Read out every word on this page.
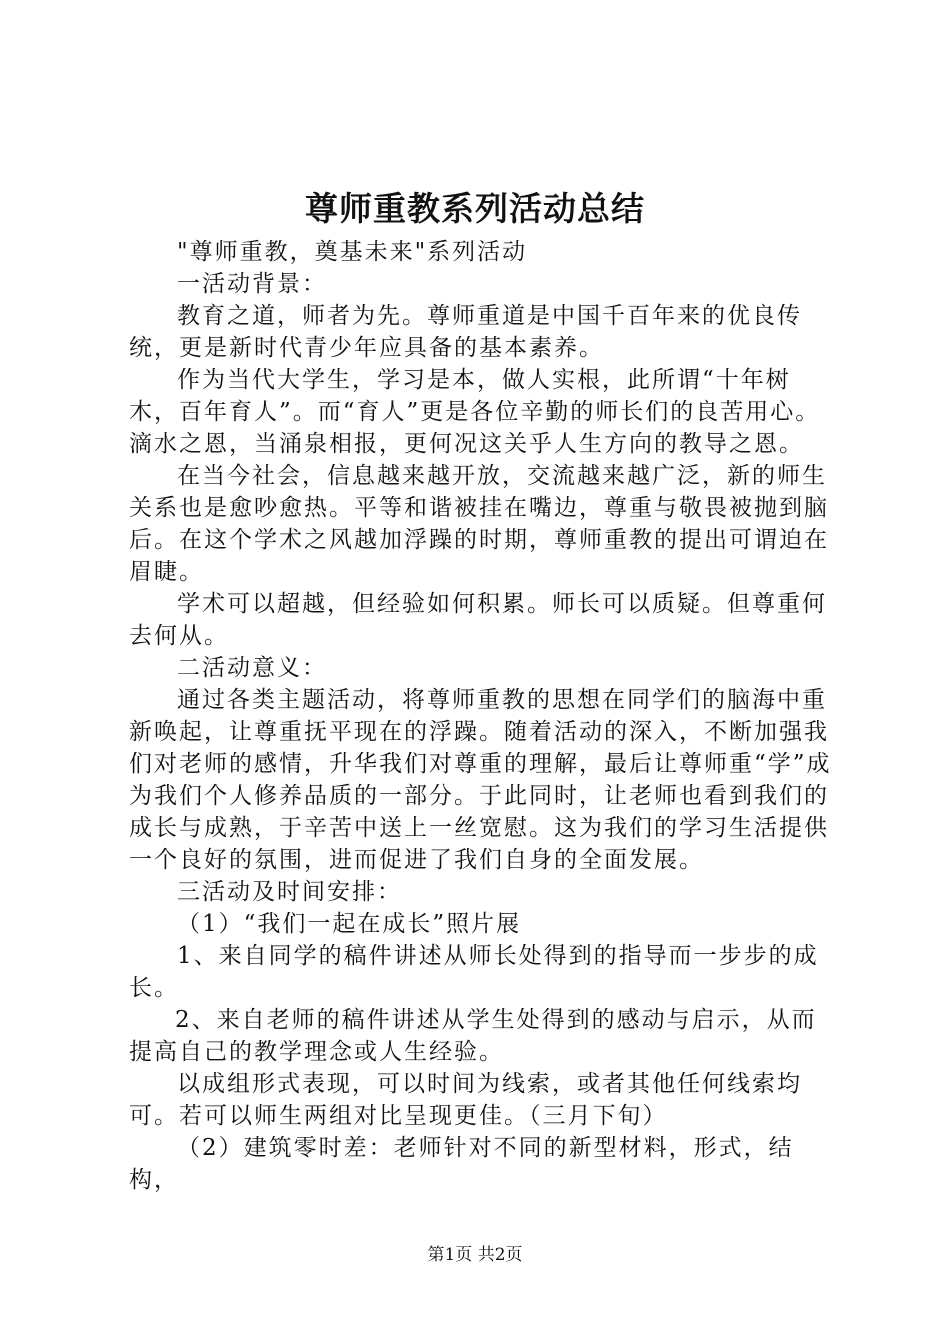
尊师重教系列活动总结

"尊师重教，奠基未来"系列活动

一活动背景：

教育之道，师者为先。尊师重道是中国千百年来的优良传统，更是新时代青少年应具备的基本素养。

作为当代大学生，学习是本，做人实根，此所谓“十年树木，百年育人”。而“育人”更是各位辛勤的师长们的良苦用心。滴水之恩，当涌泉相报，更何况这关乎人生方向的教导之恩。

在当今社会，信息越来越开放，交流越来越广泛，新的师生关系也是愈吵愈热。平等和谐被挂在嘴边，尊重与敬畏被抛到脑后。在这个学术之风越加浮躁的时期，尊师重教的提出可谓迫在眉睫。

学术可以超越，但经验如何积累。师长可以质疑。但尊重何去何从。

二活动意义：

通过各类主题活动，将尊师重教的思想在同学们的脑海中重新唤起，让尊重抚平现在的浮躁。随着活动的深入，不断加强我们对老师的感情，升华我们对尊重的理解，最后让尊师重“学”成为我们个人修养品质的一部分。于此同时，让老师也看到我们的成长与成熟，于辛苦中送上一丝宽慰。这为我们的学习生活提供一个良好的氛围，进而促进了我们自身的全面发展。

三活动及时间安排：

（1）“我们一起在成长”照片展

1、来自同学的稿件讲述从师长处得到的指导而一步步的成长。

2、来自老师的稿件讲述从学生处得到的感动与启示，从而提高自己的教学理念或人生经验。

以成组形式表现，可以时间为线索，或者其他任何线索均可。若可以师生两组对比呈现更佳。（三月下旬）

（2）建筑零时差：老师针对不同的新型材料，形式，结构，

第1页 共2页
